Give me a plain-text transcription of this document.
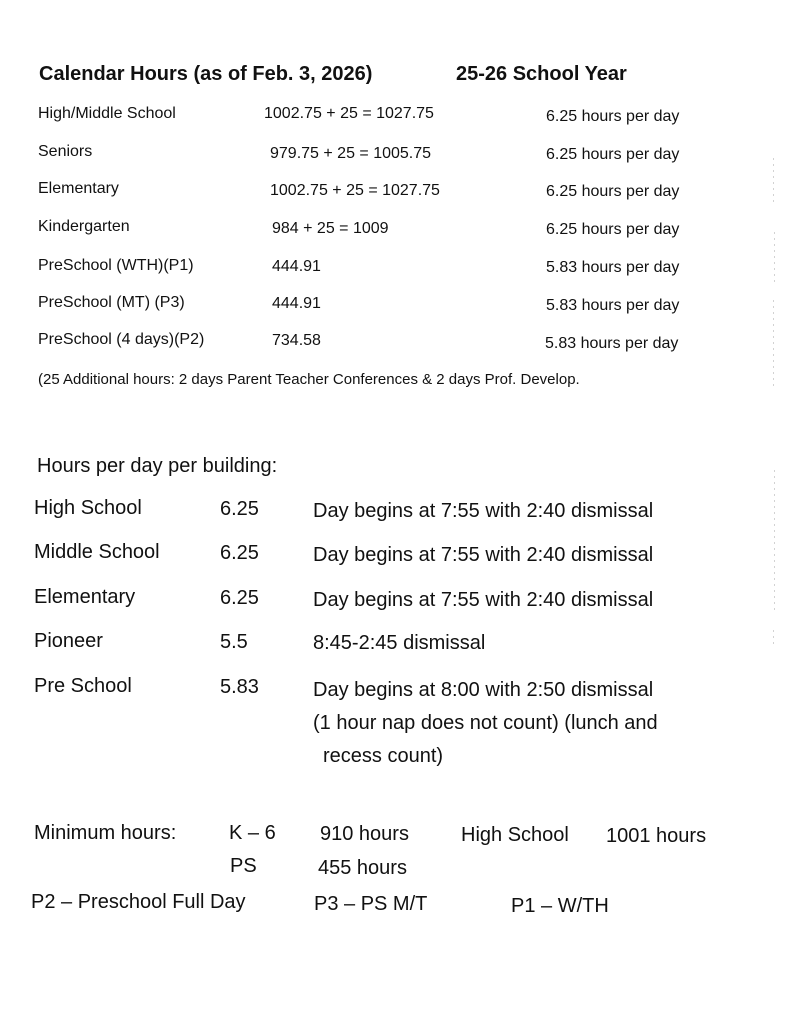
Calendar Hours (as of Feb. 3, 2026)	25-26 School Year
High/Middle School	1002.75 + 25 = 1027.75	6.25 hours per day
Seniors	979.75 + 25 = 1005.75	6.25 hours per day
Elementary	1002.75 + 25 = 1027.75	6.25 hours per day
Kindergarten	984 + 25 = 1009	6.25 hours per day
PreSchool (WTH)(P1)	444.91	5.83 hours per day
PreSchool (MT) (P3)	444.91	5.83 hours per day
PreSchool (4 days)(P2)	734.58	5.83 hours per day
(25 Additional hours: 2 days Parent Teacher Conferences & 2 days Prof. Develop.
Hours per day per building:
High School	6.25	Day begins at 7:55 with 2:40 dismissal
Middle School	6.25	Day begins at 7:55 with 2:40 dismissal
Elementary	6.25	Day begins at 7:55 with 2:40 dismissal
Pioneer	5.5	8:45-2:45 dismissal
Pre School	5.83	Day begins at 8:00 with 2:50 dismissal
(1 hour nap does not count) (lunch and
recess count)
Minimum hours:	K – 6 910 hours	High School 1001 hours
PS	455 hours
P2 – Preschool Full Day	P3 – PS M/T	P1 – W/TH
